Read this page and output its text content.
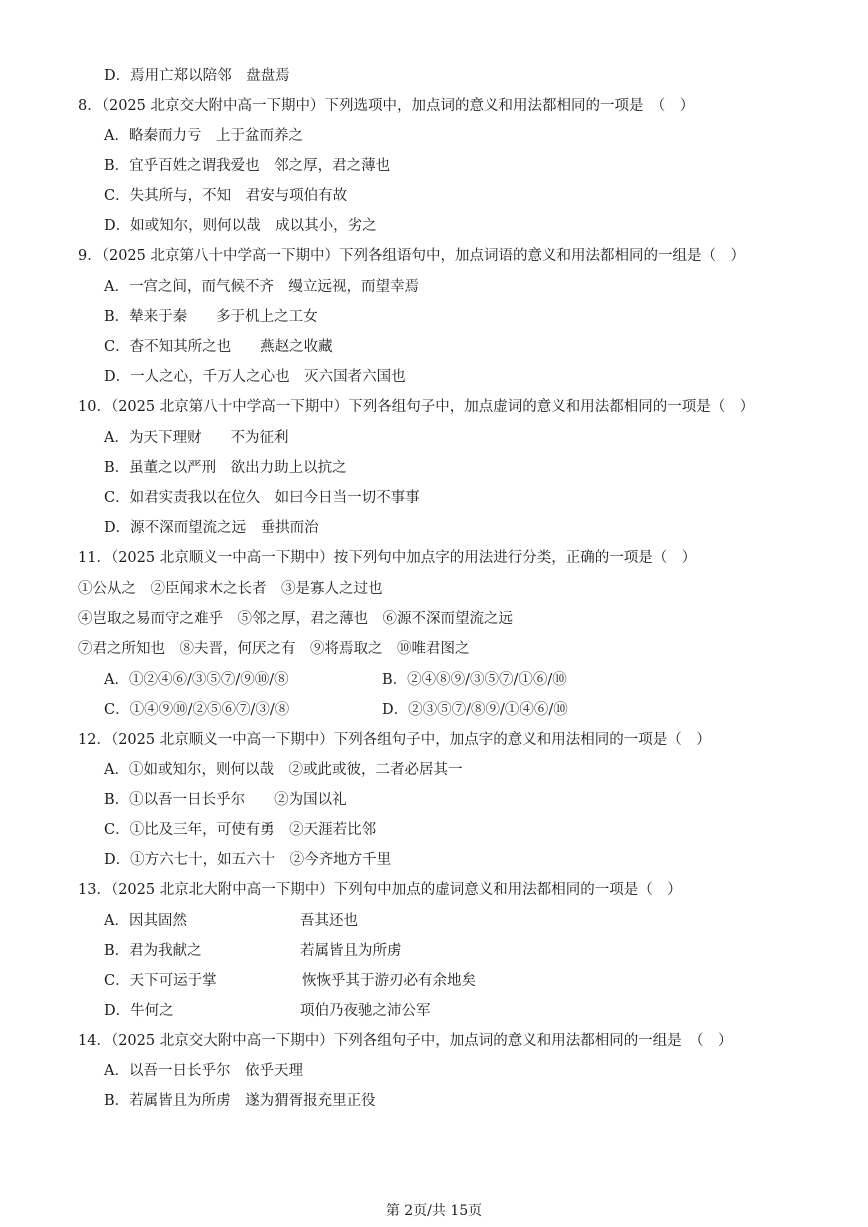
D．焉用亡郑以陪邻　盘盘焉
8．（2025 北京交大附中高一下期中）下列选项中，加点词的意义和用法都相同的一项是　（　）
A．略秦而力亏　上于盆而养之
B．宜乎百姓之谓我爱也　邻之厚，君之薄也
C．失其所与，不知　君安与项伯有故
D．如或知尔，则何以哉　成以其小，劣之
9．（2025 北京第八十中学高一下期中）下列各组语句中，加点词语的意义和用法都相同的一组是（　）
A．一宫之间，而气候不齐　缦立远视，而望幸焉
B．辇来于秦　　多于机上之工女
C．杳不知其所之也　　燕赵之收藏
D．一人之心，千万人之心也　灭六国者六国也
10．（2025 北京第八十中学高一下期中）下列各组句子中，加点虚词的意义和用法都相同的一项是（　）
A．为天下理财　　不为征利
B．虽董之以严刑　欲出力助上以抗之
C．如君实责我以在位久　如曰今日当一切不事事
D．源不深而望流之远　垂拱而治
11．（2025 北京顺义一中高一下期中）按下列句中加点字的用法进行分类，正确的一项是（　）
①公从之　②臣闻求木之长者　③是寡人之过也
④岂取之易而守之难乎　⑤邻之厚，君之薄也　⑥源不深而望流之远
⑦君之所知也　⑧夫晋，何厌之有　⑨将焉取之　⑩唯君图之
A．①②④⑥/③⑤⑦/⑨⑩/⑧	B．②④⑧⑨/③⑤⑦/①⑥/⑩
C．①④⑨⑩/②⑤⑥⑦/③/⑧	D．②③⑤⑦/⑧⑨/①④⑥/⑩
12．（2025 北京顺义一中高一下期中）下列各组句子中，加点字的意义和用法相同的一项是（　）
A．①如或知尔，则何以哉　②或此或彼，二者必居其一
B．①以吾一日长乎尔　　②为国以礼
C．①比及三年，可使有勇　②天涯若比邻
D．①方六七十，如五六十　②今齐地方千里
13．（2025 北京北大附中高一下期中）下列句中加点的虚词意义和用法都相同的一项是（　）
A．因其固然	吾其还也
B．君为我献之	若属皆且为所虏
C．天下可运于掌	恢恢乎其于游刃必有余地矣
D．牛何之	项伯乃夜驰之沛公军
14．（2025 北京交大附中高一下期中）下列各组句子中，加点词的意义和用法都相同的一组是　（　）
A．以吾一日长乎尔　依乎天理
B．若属皆且为所虏　遂为猬胥报充里正役
第 2页/共 15页
